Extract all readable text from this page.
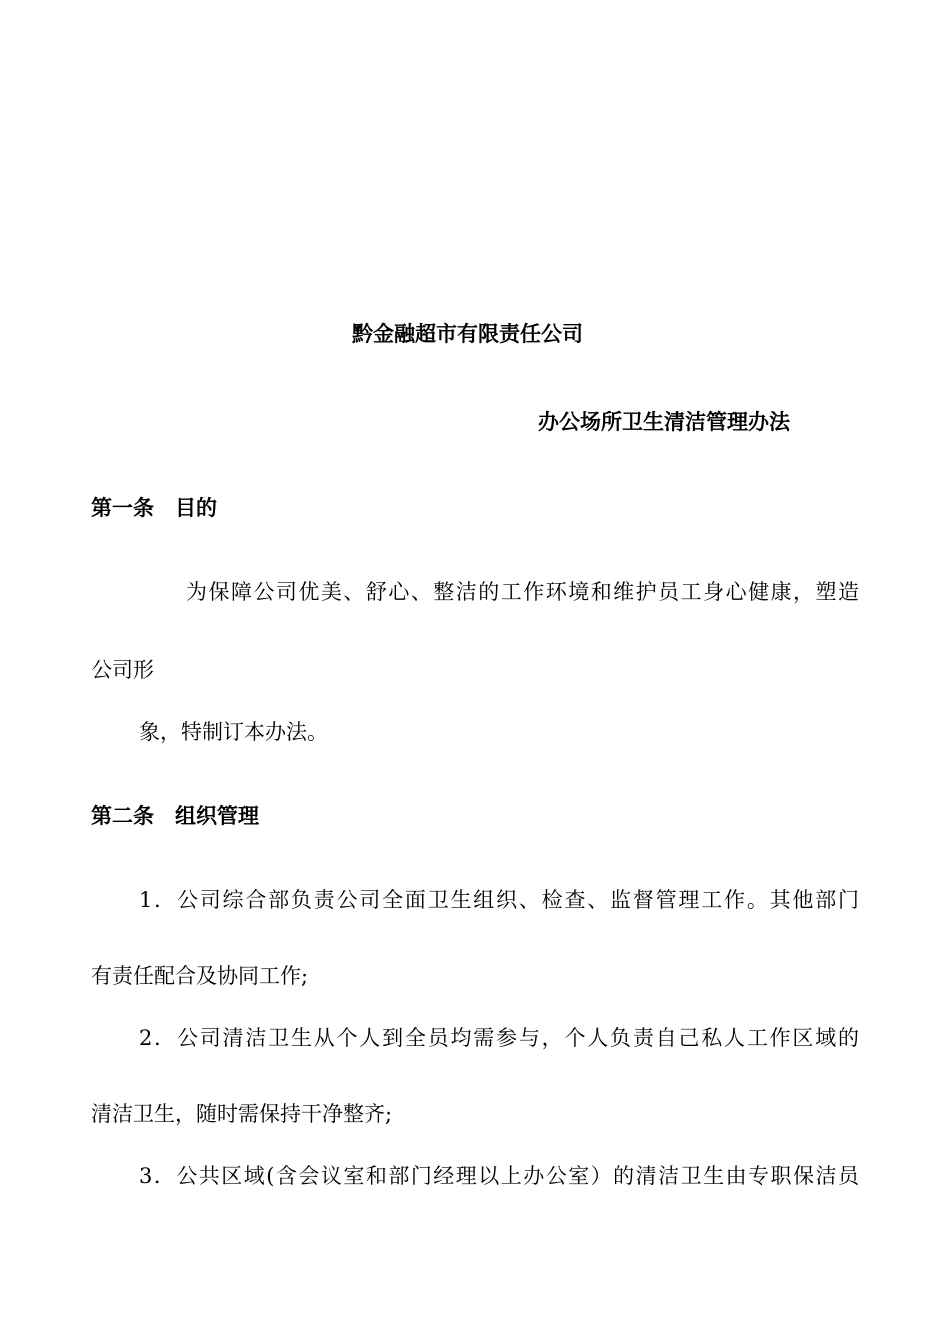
黔金融超市有限责任公司
办公场所卫生清洁管理办法
第一条　目的

为保障公司优美、舒心、整洁的工作环境和维护员工身心健康，塑造

公司形

象，特制订本办法。

第二条　组织管理

1．公司综合部负责公司全面卫生组织、检查、监督管理工作。其他部门

有责任配合及协同工作;

2．公司清洁卫生从个人到全员均需参与，个人负责自己私人工作区域的

清洁卫生，随时需保持干净整齐;

3．公共区域(含会议室和部门经理以上办公室）的清洁卫生由专职保洁员
